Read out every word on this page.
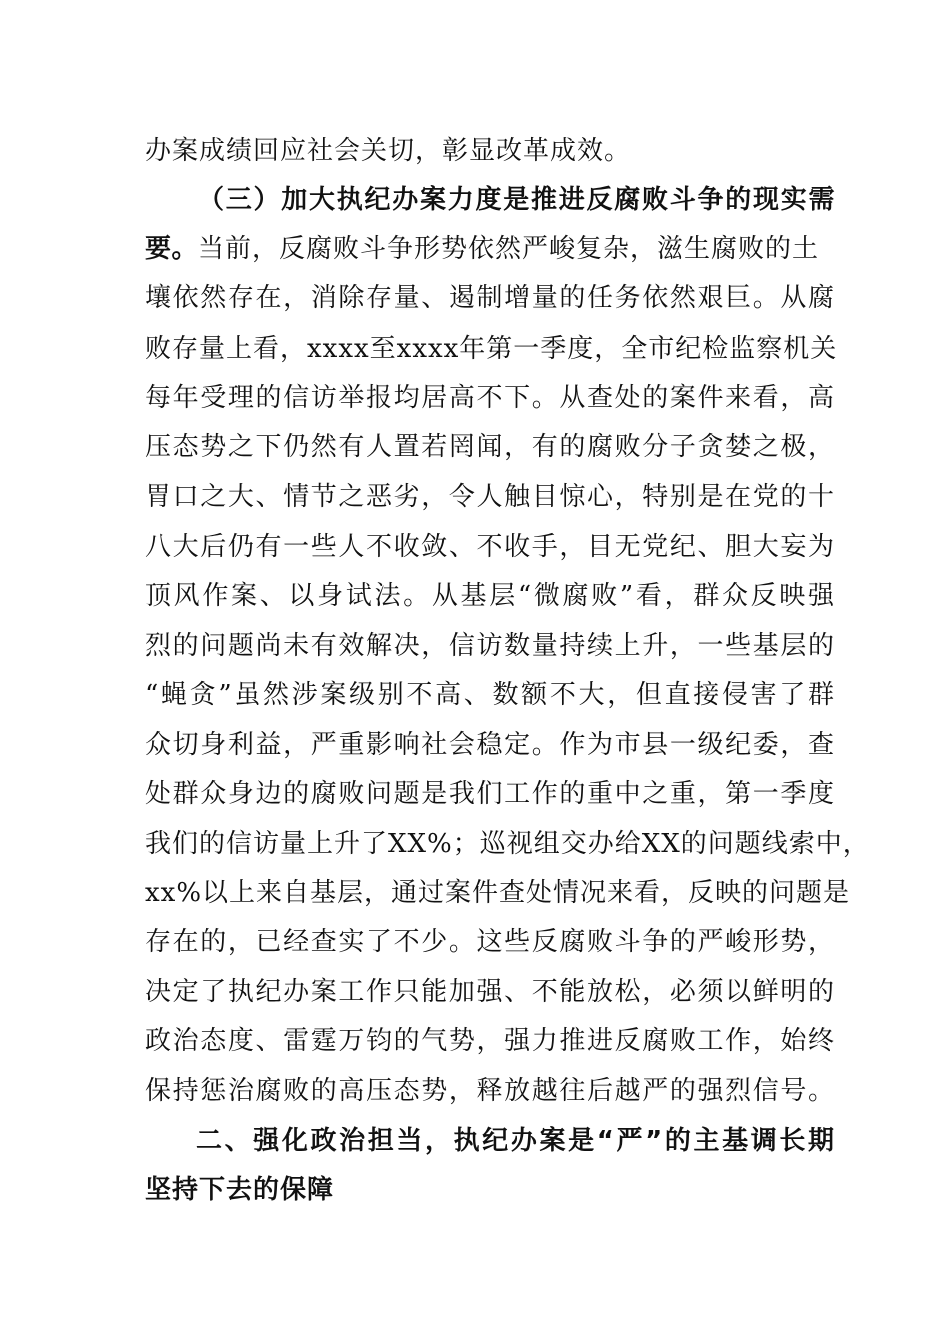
办案成绩回应社会关切，彰显改革成效。
（三）加大执纪办案力度是推进反腐败斗争的现实需
要。当前，反腐败斗争形势依然严峻复杂，滋生腐败的土
壤依然存在，消除存量、遏制增量的任务依然艰巨。从腐
败存量上看，xxxx至xxxx年第一季度，全市纪检监察机关
每年受理的信访举报均居高不下。从查处的案件来看，高
压态势之下仍然有人置若罔闻，有的腐败分子贪婪之极，
胃口之大、情节之恶劣，令人触目惊心，特别是在党的十
八大后仍有一些人不收敛、不收手，目无党纪、胆大妄为
顶风作案、以身试法。从基层“微腐败”看，群众反映强
烈的问题尚未有效解决，信访数量持续上升，一些基层的
“蝇贪”虽然涉案级别不高、数额不大，但直接侵害了群
众切身利益，严重影响社会稳定。作为市县一级纪委，查
处群众身边的腐败问题是我们工作的重中之重，第一季度
我们的信访量上升了XX%；巡视组交办给XX的问题线索中，
xx%以上来自基层，通过案件查处情况来看，反映的问题是
存在的，已经查实了不少。这些反腐败斗争的严峻形势，
决定了执纪办案工作只能加强、不能放松，必须以鲜明的
政治态度、雷霆万钧的气势，强力推进反腐败工作，始终
保持惩治腐败的高压态势，释放越往后越严的强烈信号。
二、强化政治担当，执纪办案是“严”的主基调长期
坚持下去的保障
